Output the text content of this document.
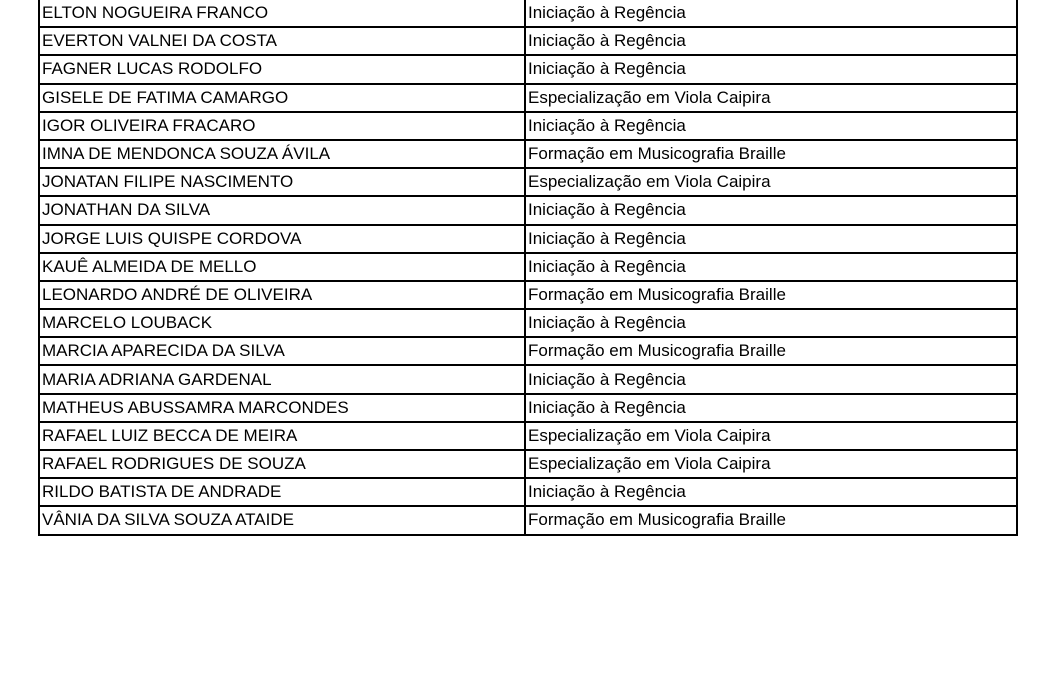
ELTON NOGUEIRA FRANCO	Iniciação à Regência
EVERTON VALNEI DA COSTA	Iniciação à Regência
FAGNER LUCAS RODOLFO	Iniciação à Regência
GISELE DE FATIMA CAMARGO	Especialização em Viola Caipira
IGOR OLIVEIRA FRACARO	Iniciação à Regência
IMNA DE MENDONCA SOUZA ÁVILA	Formação em Musicografia Braille
JONATAN FILIPE NASCIMENTO	Especialização em Viola Caipira
JONATHAN DA SILVA	Iniciação à Regência
JORGE LUIS QUISPE CORDOVA	Iniciação à Regência
KAUÊ ALMEIDA DE MELLO	Iniciação à Regência
LEONARDO ANDRÉ DE OLIVEIRA	Formação em Musicografia Braille
MARCELO LOUBACK	Iniciação à Regência
MARCIA APARECIDA DA SILVA	Formação em Musicografia Braille
MARIA ADRIANA GARDENAL	Iniciação à Regência
MATHEUS ABUSSAMRA MARCONDES	Iniciação à Regência
RAFAEL LUIZ BECCA DE MEIRA	Especialização em Viola Caipira
RAFAEL RODRIGUES DE SOUZA	Especialização em Viola Caipira
RILDO BATISTA DE ANDRADE	Iniciação à Regência
VÂNIA DA SILVA SOUZA ATAIDE	Formação em Musicografia Braille
